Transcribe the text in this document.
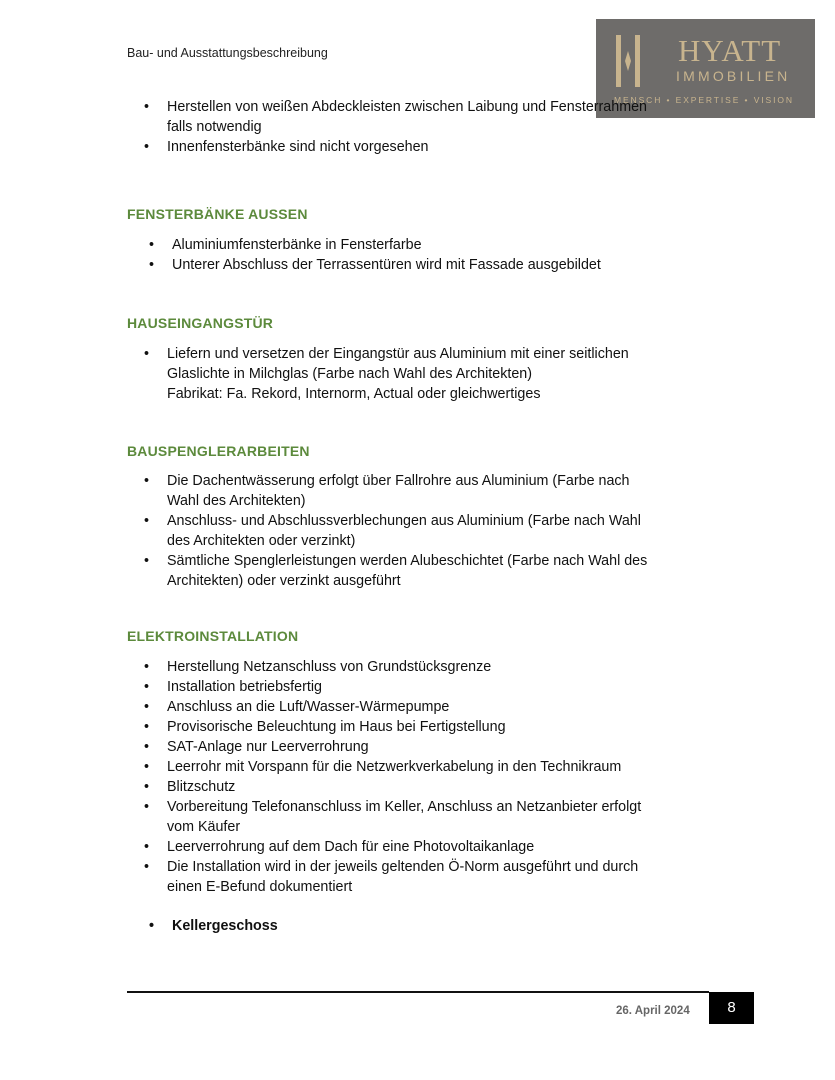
Bau- und Ausstattungsbeschreibung	HYATT
IMMOBILIEN
MENSCH • EXPERTISE • VISION
• Herstellen von weißen Abdeckleisten zwischen Laibung und Fensterrahmen
falls notwendig
• Innenfensterbänke sind nicht vorgesehen
FENSTERBÄNKE AUSSEN
• Aluminiumfensterbänke in Fensterfarbe
• Unterer Abschluss der Terrassentüren wird mit Fassade ausgebildet
HAUSEINGANGSTÜR
• Liefern und versetzen der Eingangstür aus Aluminium mit einer seitlichen
Glaslichte in Milchglas (Farbe nach Wahl des Architekten)
Fabrikat: Fa. Rekord, Internorm, Actual oder gleichwertiges
BAUSPENGLERARBEITEN
• Die Dachentwässerung erfolgt über Fallrohre aus Aluminium (Farbe nach
Wahl des Architekten)
• Anschluss- und Abschlussverblechungen aus Aluminium (Farbe nach Wahl
des Architekten oder verzinkt)
• Sämtliche Spenglerleistungen werden Alubeschichtet (Farbe nach Wahl des
Architekten) oder verzinkt ausgeführt
ELEKTROINSTALLATION
• Herstellung Netzanschluss von Grundstücksgrenze
• Installation betriebsfertig
• Anschluss an die Luft/Wasser-Wärmepumpe
• Provisorische Beleuchtung im Haus bei Fertigstellung
• SAT-Anlage nur Leerverrohrung
• Leerrohr mit Vorspann für die Netzwerkverkabelung in den Technikraum
• Blitzschutz
• Vorbereitung Telefonanschluss im Keller, Anschluss an Netzanbieter erfolgt
vom Käufer
• Leerverrohrung auf dem Dach für eine Photovoltaikanlage
• Die Installation wird in der jeweils geltenden Ö-Norm ausgeführt und durch
einen E-Befund dokumentiert
• Kellergeschoss
26. April 2024	8
